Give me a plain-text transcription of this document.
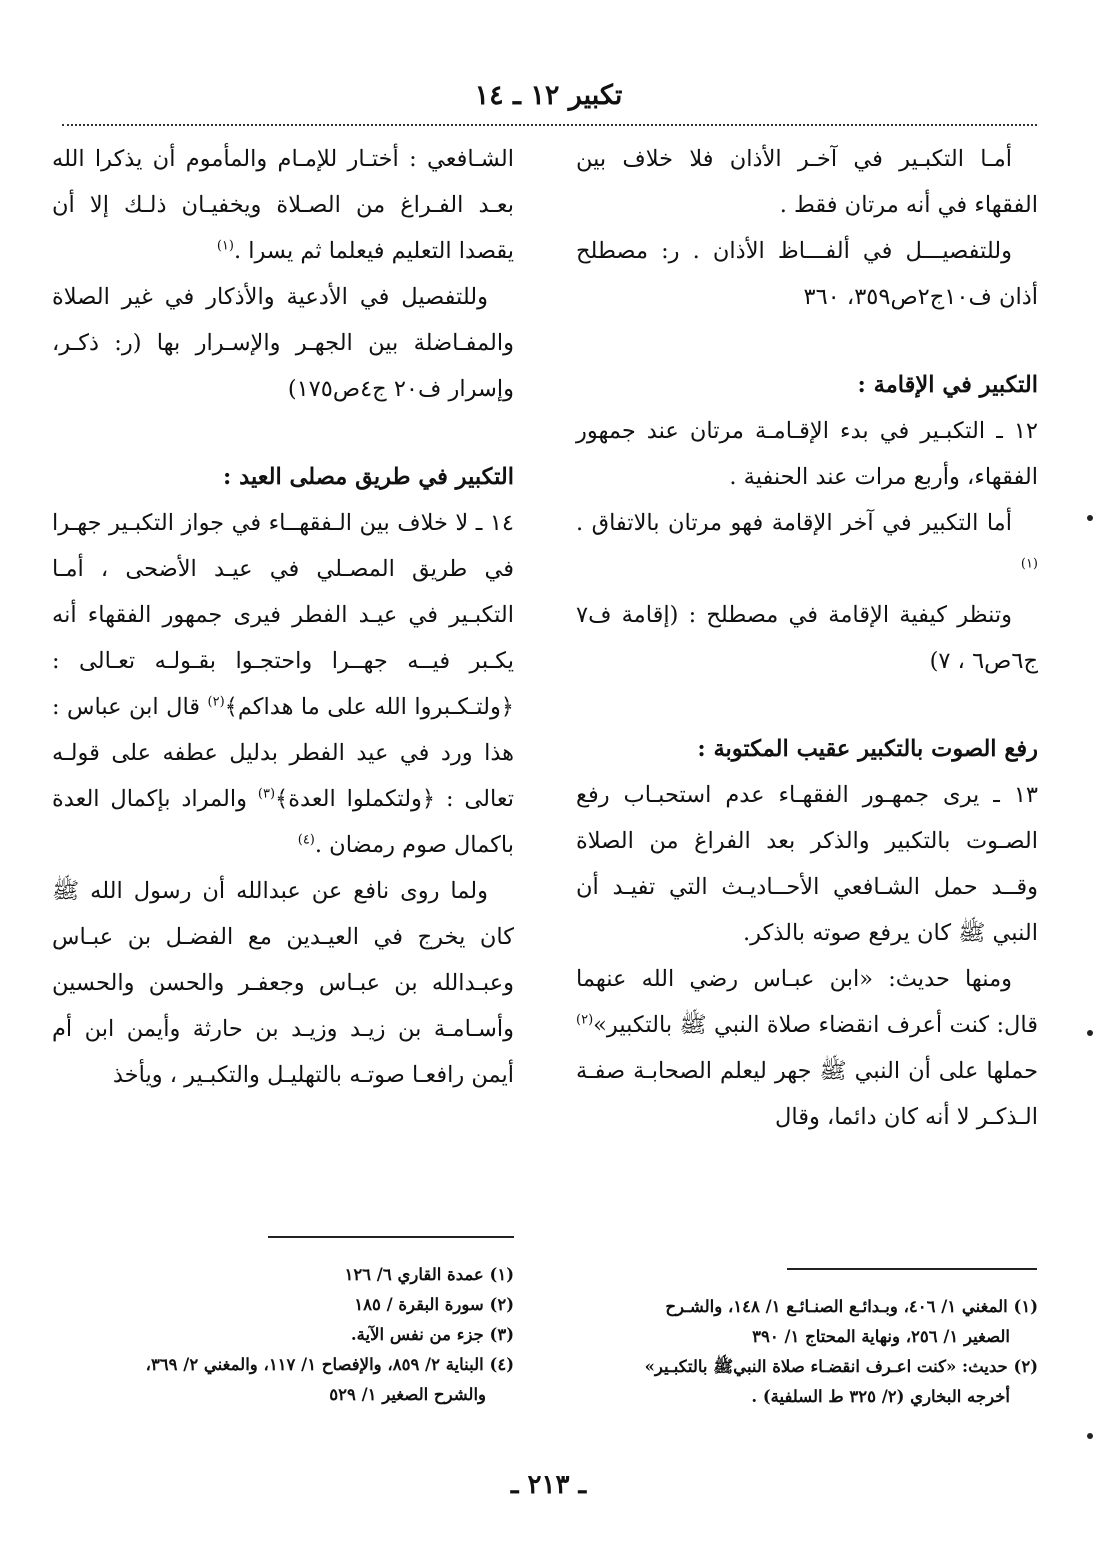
تكبير ١٢ ـ ١٤

أمـا التكبـير في آخـر الأذان فلا خلاف بين الفقهاء في أنه مرتان فقط .

وللتفصيـــل في ألفـــاظ الأذان . ر: مصطلح أذان ف١٠ج٢ص٣٥٩، ٣٦٠

التكبير في الإقامة :

١٢ ـ التكبـير في بدء الإقـامـة مرتان عند جمهور الفقهاء، وأربع مرات عند الحنفية .

أما التكبير في آخر الإقامة فهو مرتان بالاتفاق .$^{(١)}$

وتنظر كيفية الإقامة في مصطلح : (إقامة ف٧ ج٦ص٦ ، ٧)

رفع الصوت بالتكبير عقيب المكتوبة :

١٣ ـ يرى جمهـور الفقهـاء عدم استحبـاب رفع الصـوت بالتكبير والذكر بعد الفراغ من الصلاة وقــد حمل الشـافعي الأحــاديـث التي تفيـد أن النبي ﷺ كان يرفع صوته بالذكر.

ومنها حديث: «ابن عبـاس رضي الله عنهما قال: كنت أعرف انقضاء صلاة النبي ﷺ بالتكبير»$^{(٢)}$ حملها على أن النبي ﷺ جهر ليعلم الصحابـة صفـة الـذكـر لا أنه كان دائما، وقال

الشـافعي : أختـار للإمـام والمأموم أن يذكرا الله بعـد الفـراغ من الصـلاة ويخفيـان ذلـك إلا أن يقصدا التعليم فيعلما ثم يسرا .$^{(١)}$

وللتفصيل في الأدعية والأذكار في غير الصلاة والمفـاضلة بين الجهـر والإسـرار بها (ر: ذكـر، وإسرار ف٢٠ ج٤ص١٧٥)

التكبير في طريق مصلى العيد :

١٤ ـ لا خلاف بين الـفقهــاء في جواز التكبـير جهـرا في طريق المصـلي في عيـد الأضحى ، أمـا التكبـير في عيـد الفطر فيرى جمهور الفقهاء أنه يكـبر فيــه جهــرا واحتجـوا بقـولـه تعـالى : ﴿ولتـكـبروا الله على ما هداكم﴾$^{(٢)}$ قال ابن عباس : هذا ورد في عيد الفطر بدليل عطفه على قولـه تعالى : ﴿ولتكملوا العدة﴾$^{(٣)}$ والمراد بإكمال العدة باكمال صوم رمضان .$^{(٤)}$

ولما روى نافع عن عبدالله أن رسول الله ﷺ كان يخرج في العيـدين مع الفضـل بن عبـاس وعبـدالله بن عبـاس وجعفـر والحسن والحسين وأسـامـة بن زيـد وزيـد بن حارثة وأيمن ابن أم أيمن رافعـا صوتـه بالتهليـل والتكبـير ، ويأخذ

(١) المغني ١/ ٤٠٦، وبـدائـع الصنـائـع ١/ ١٤٨، والشـرح

الصغير ١/ ٢٥٦، ونهاية المحتاج ١/ ٣٩٠

(٢) حديث: «كنت اعـرف انقضـاء صلاة النبيﷺ بالتكبـير»

أخرجه البخاري (٢/ ٣٢٥ ط السلفية) .

(١) عمدة القاري ٦/ ١٢٦

(٢) سورة البقرة / ١٨٥

(٣) جزء من نفس الآية.

(٤) البناية ٢/ ٨٥٩، والإفصاح ١/ ١١٧، والمغني ٢/ ٣٦٩،

والشرح الصغير ١/ ٥٢٩

ـ ٢١٣ ـ
